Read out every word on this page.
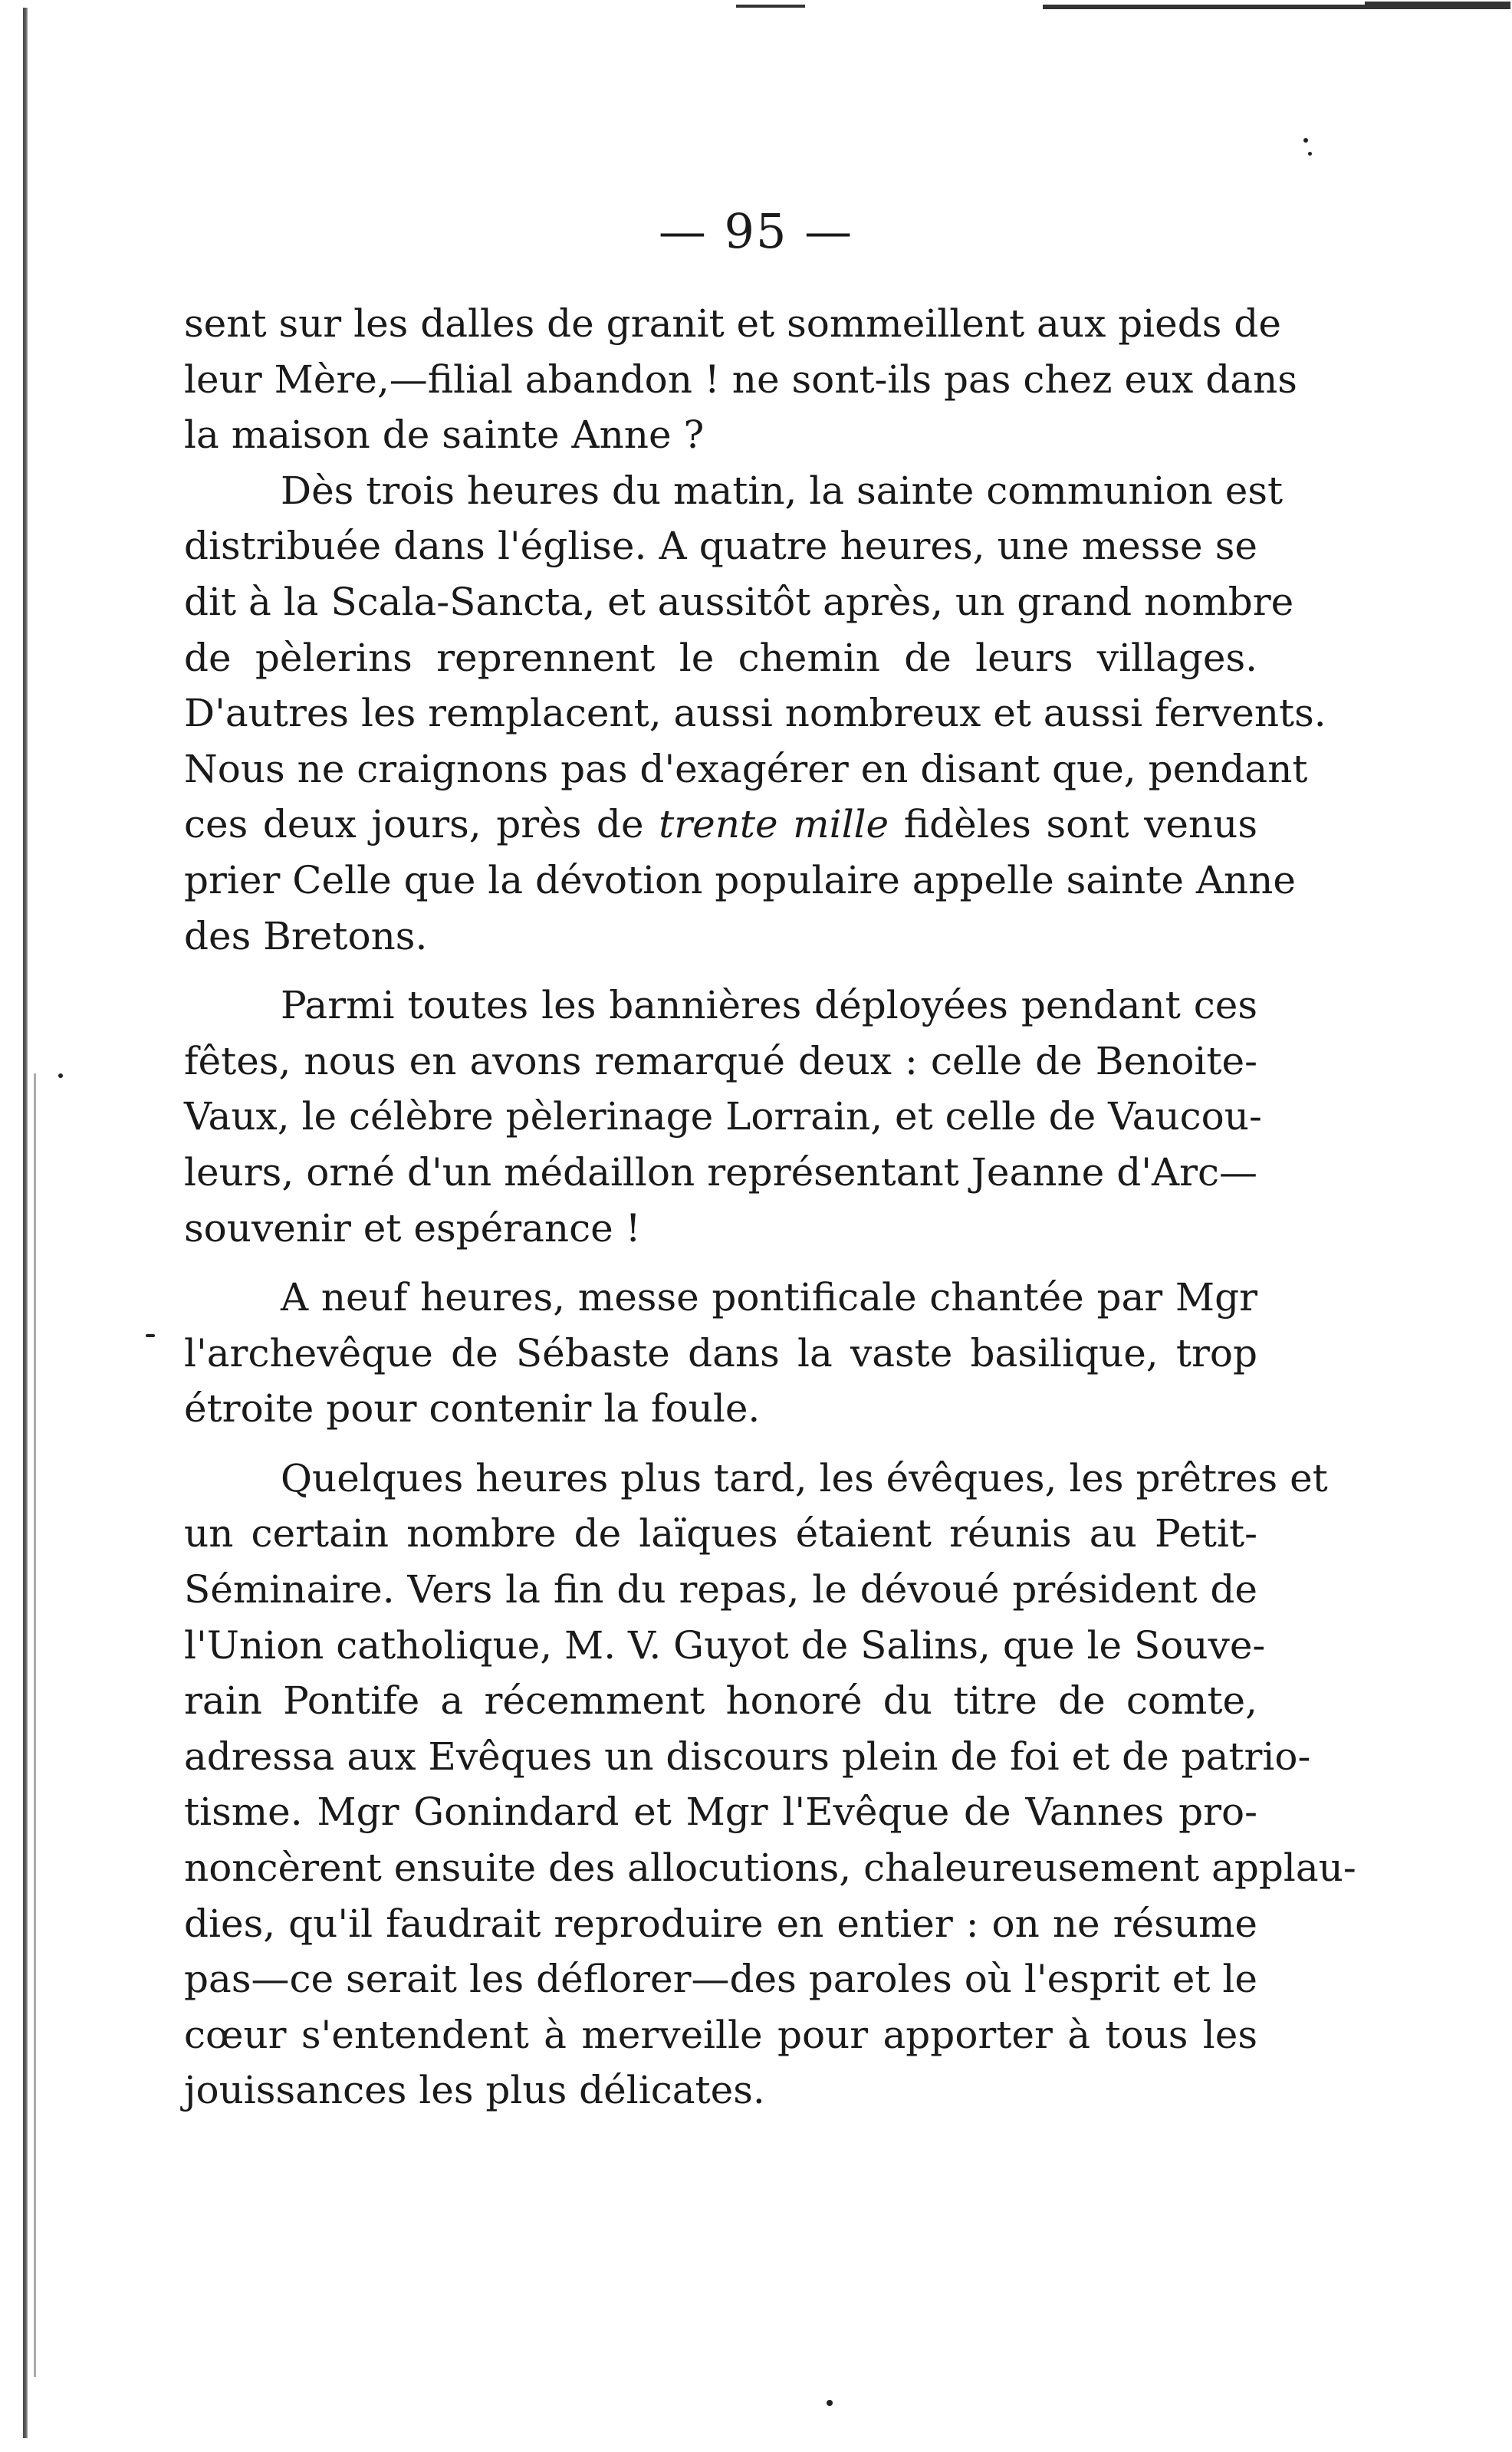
— 95 —
sent sur les dalles de granit et sommeillent aux pieds de
leur Mère,—filial abandon ! ne sont-ils pas chez eux dans
la maison de sainte Anne ?
Dès trois heures du matin, la sainte communion est
distribuée dans l'église. A quatre heures, une messe se
dit à la Scala-Sancta, et aussitôt après, un grand nombre
de pèlerins reprennent le chemin de leurs villages.
D'autres les remplacent, aussi nombreux et aussi fervents.
Nous ne craignons pas d'exagérer en disant que, pendant
ces deux jours, près de trente mille fidèles sont venus
prier Celle que la dévotion populaire appelle sainte Anne
des Bretons.
Parmi toutes les bannières déployées pendant ces
fêtes, nous en avons remarqué deux : celle de Benoite-
Vaux, le célèbre pèlerinage Lorrain, et celle de Vaucou-
leurs, orné d'un médaillon représentant Jeanne d'Arc—
souvenir et espérance !
A neuf heures, messe pontificale chantée par Mgr
l'archevêque de Sébaste dans la vaste basilique, trop
étroite pour contenir la foule.
Quelques heures plus tard, les évêques, les prêtres et
un certain nombre de laïques étaient réunis au Petit-
Séminaire. Vers la fin du repas, le dévoué président de
l'Union catholique, M. V. Guyot de Salins, que le Souve-
rain Pontife a récemment honoré du titre de comte,
adressa aux Evêques un discours plein de foi et de patrio-
tisme. Mgr Gonindard et Mgr l'Evêque de Vannes pro-
noncèrent ensuite des allocutions, chaleureusement applau-
dies, qu'il faudrait reproduire en entier : on ne résume
pas—ce serait les déflorer—des paroles où l'esprit et le
cœur s'entendent à merveille pour apporter à tous les
jouissances les plus délicates.
